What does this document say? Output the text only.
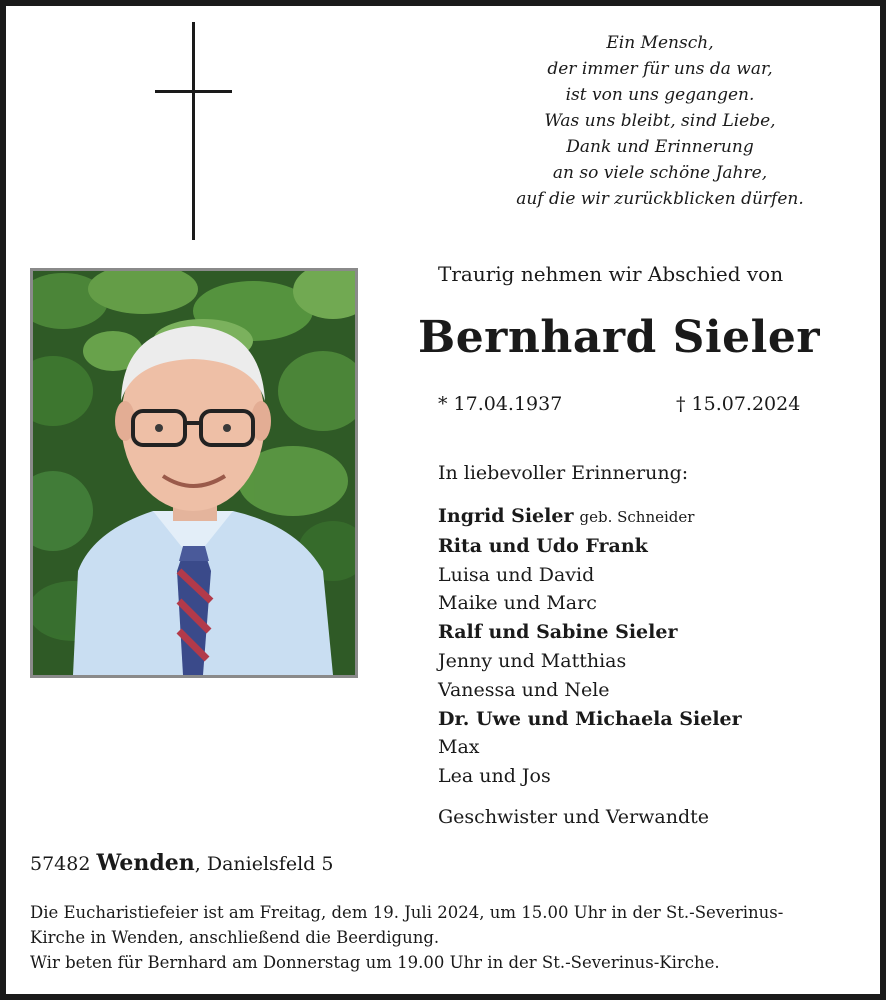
Ein Mensch,
der immer für uns da war,
ist von uns gegangen.
Was uns bleibt, sind Liebe,
Dank und Erinnerung
an so viele schöne Jahre,
auf die wir zurückblicken dürfen.
Traurig nehmen wir Abschied von
Bernhard Sieler
* 17.04.1937	† 15.07.2024
In liebevoller Erinnerung:
Ingrid Sieler geb. Schneider
Rita und Udo Frank
Luisa und David
Maike und Marc
Ralf und Sabine Sieler
Jenny und Matthias
Vanessa und Nele
Dr. Uwe und Michaela Sieler
Max
Lea und Jos
Geschwister und Verwandte
57482 Wenden, Danielsfeld 5
Die Eucharistiefeier ist am Freitag, dem 19. Juli 2024, um 15.00 Uhr in der St.-Severinus-
Kirche in Wenden, anschließend die Beerdigung.
Wir beten für Bernhard am Donnerstag um 19.00 Uhr in der St.-Severinus-Kirche.
